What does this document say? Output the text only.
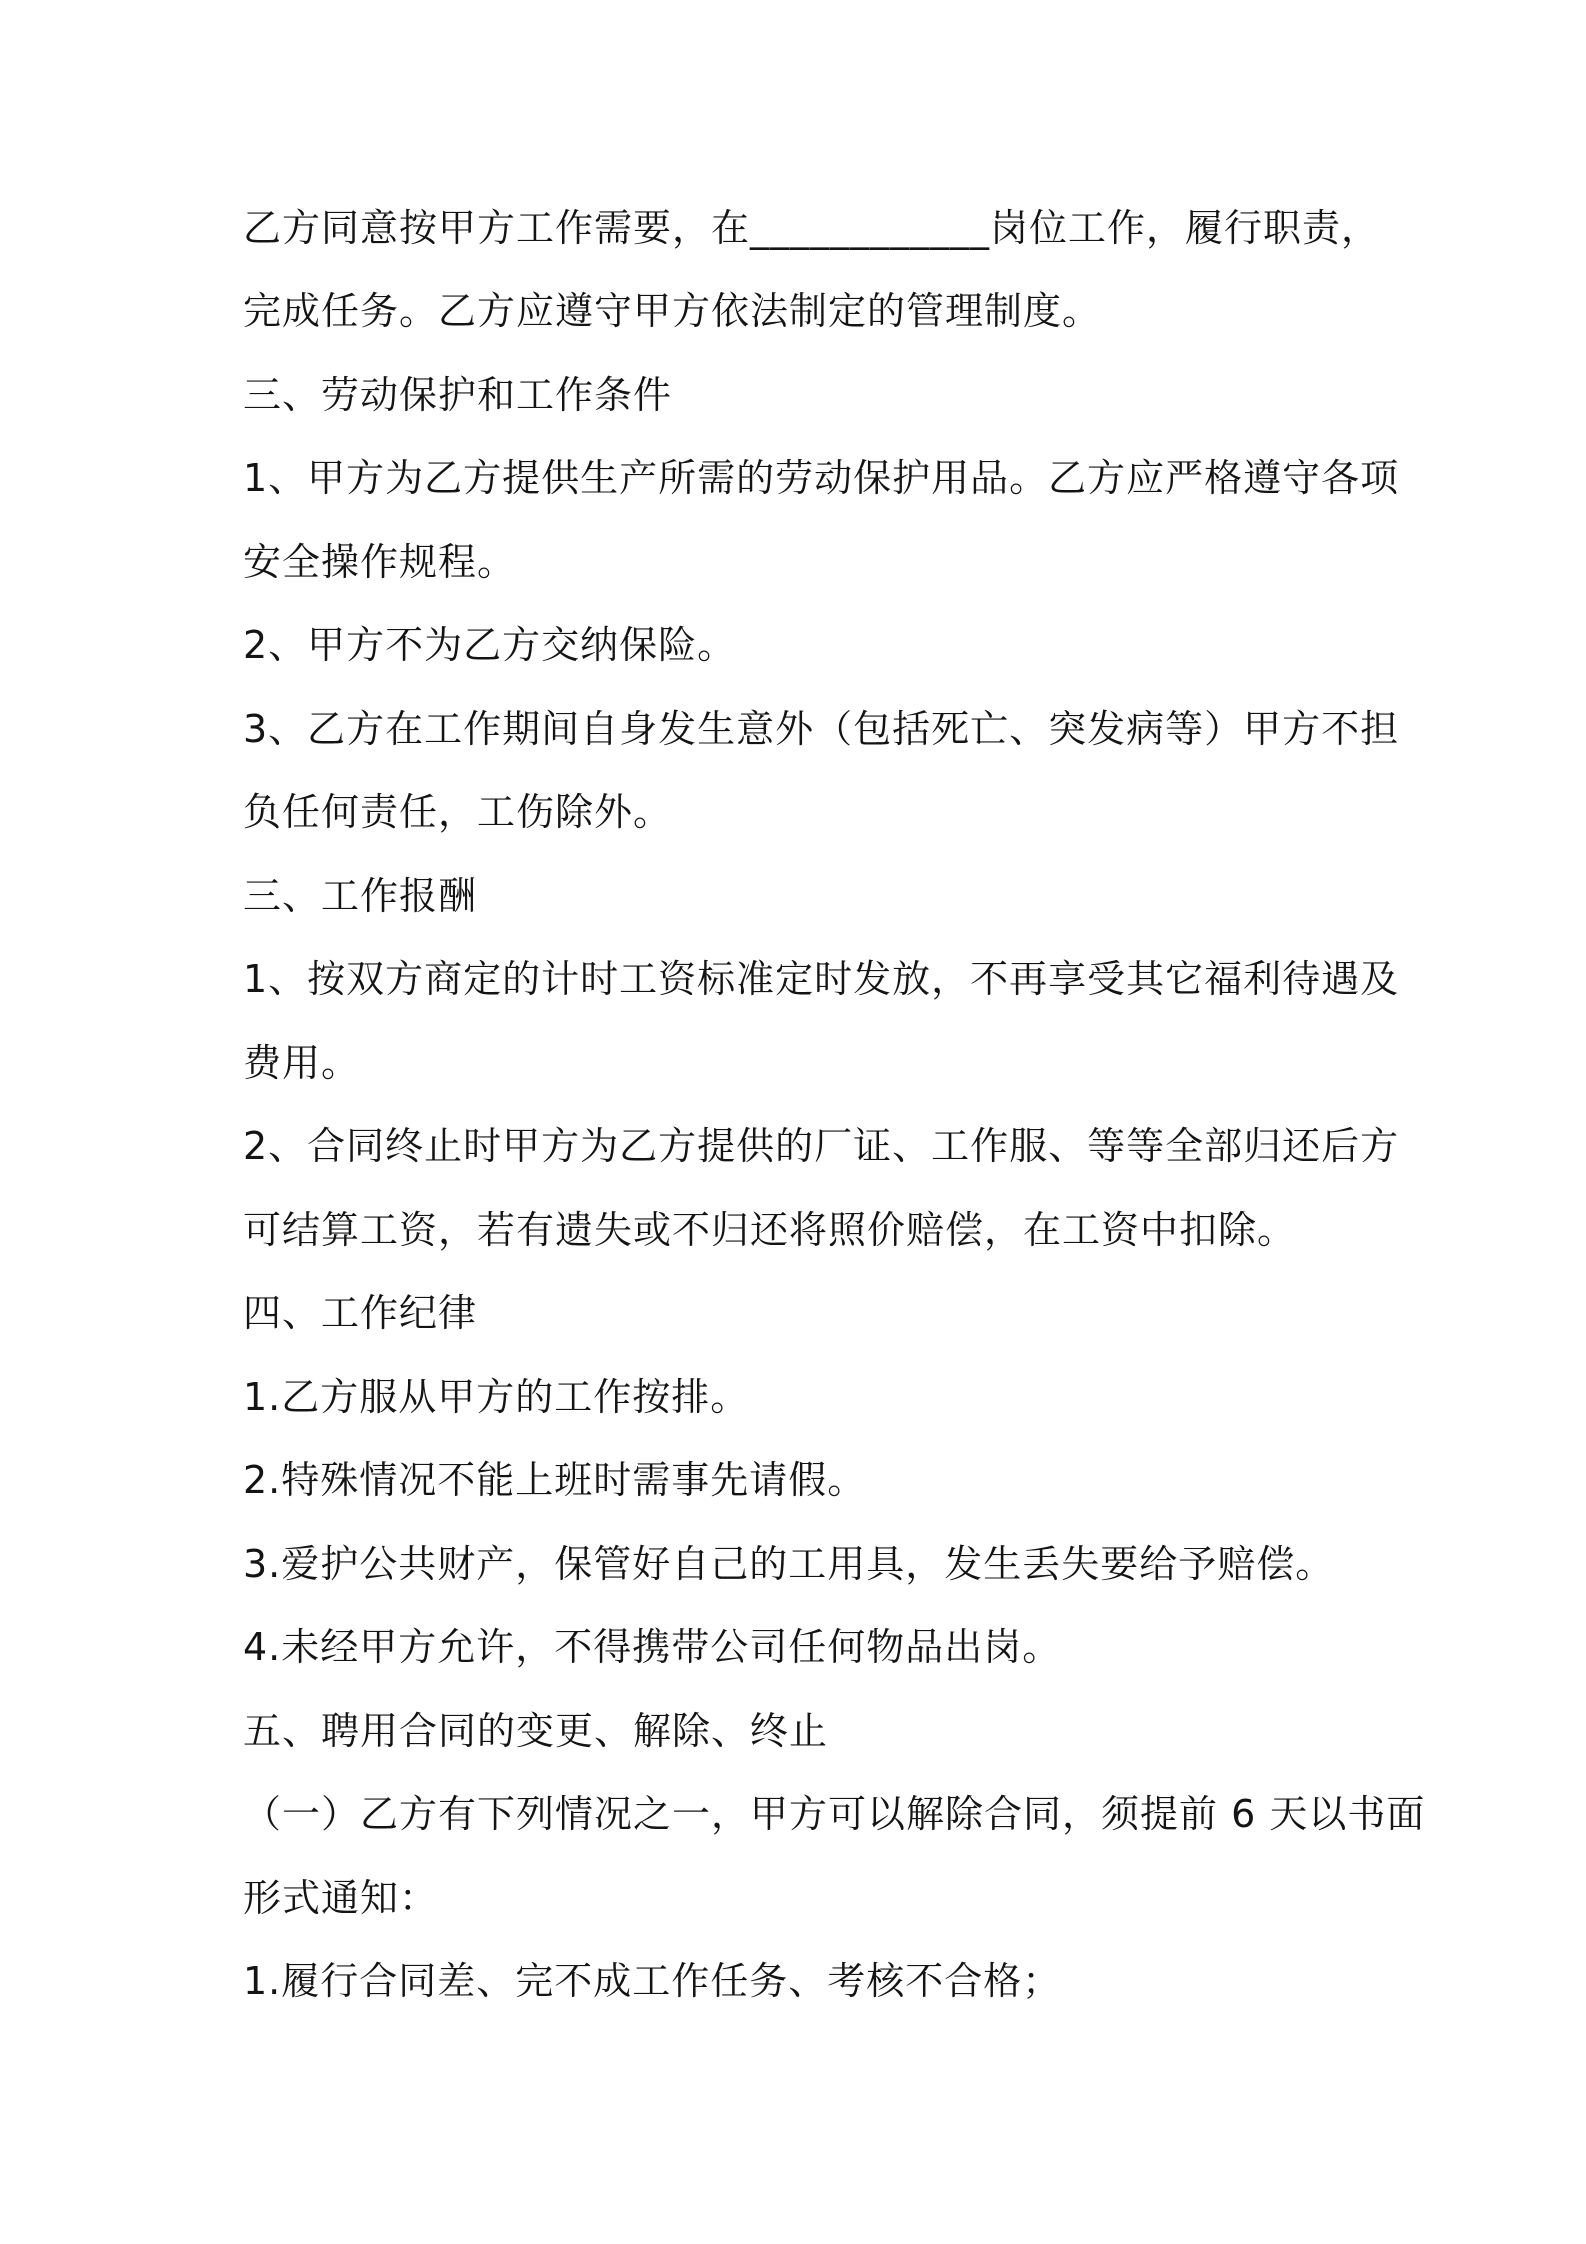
乙方同意按甲方工作需要，在____________岗位工作，履行职责，

完成任务。乙方应遵守甲方依法制定的管理制度。

三、劳动保护和工作条件

1、甲方为乙方提供生产所需的劳动保护用品。乙方应严格遵守各项

安全操作规程。

2、甲方不为乙方交纳保险。

3、乙方在工作期间自身发生意外（包括死亡、突发病等）甲方不担

负任何责任，工伤除外。

三、工作报酬

1、按双方商定的计时工资标准定时发放，不再享受其它福利待遇及

费用。

2、合同终止时甲方为乙方提供的厂证、工作服、等等全部归还后方

可结算工资，若有遗失或不归还将照价赔偿，在工资中扣除。

四、工作纪律

1.乙方服从甲方的工作按排。

2.特殊情况不能上班时需事先请假。

3.爱护公共财产，保管好自己的工用具，发生丢失要给予赔偿。

4.未经甲方允许，不得携带公司任何物品出岗。

五、聘用合同的变更、解除、终止

（一）乙方有下列情况之一，甲方可以解除合同，须提前 6 天以书面

形式通知：

1.履行合同差、完不成工作任务、考核不合格；
